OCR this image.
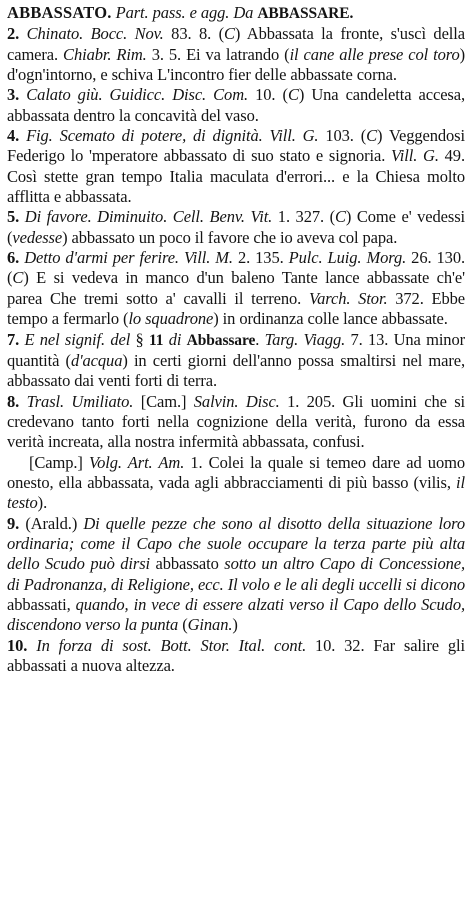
ABBASSATO. Part. pass. e agg. Da ABBASSARE.

2. Chinato. Bocc. Nov. 83. 8. (C) Abbassata la fronte, s'uscì della camera. Chiabr. Rim. 3. 5. Ei va latrando (il cane alle prese col toro) d'ogn'intorno, e schiva L'incontro fier delle abbassate corna.

3. Calato giù. Guidicc. Disc. Com. 10. (C) Una candeletta accesa, abbassata dentro la concavità del vaso.

4. Fig. Scemato di potere, di dignità. Vill. G. 103. (C) Veggendosi Federigo lo 'mperatore abbassato di suo stato e signoria. Vill. G. 49. Così stette gran tempo Italia maculata d'errori... e la Chiesa molto afflitta e abbassata.

5. Di favore. Diminuito. Cell. Benv. Vit. 1. 327. (C) Come e' vedessi (vedesse) abbassato un poco il favore che io aveva col papa.

6. Detto d'armi per ferire. Vill. M. 2. 135. Pulc. Luig. Morg. 26. 130. (C) E si vedeva in manco d'un baleno Tante lance abbassate ch'e' parea Che tremi sotto a' cavalli il terreno. Varch. Stor. 372. Ebbe tempo a fermarlo (lo squadrone) in ordinanza colle lance abbassate.

7. E nel signif. del § 11 di Abbassare. Targ. Viagg. 7. 13. Una minor quantità (d'acqua) in certi giorni dell'anno possa smaltirsi nel mare, abbassato dai venti forti di terra.

8. Trasl. Umiliato. [Cam.] Salvin. Disc. 1. 205. Gli uomini che si credevano tanto forti nella cognizione della verità, furono da essa verità increata, alla nostra infermità abbassata, confusi.

[Camp.] Volg. Art. Am. 1. Colei la quale si temeo dare ad uomo onesto, ella abbassata, vada agli abbracciamenti di più basso (vilis, il testo).

9. (Arald.) Di quelle pezze che sono al disotto della situazione loro ordinaria; come il Capo che suole occupare la terza parte più alta dello Scudo può dirsi abbassato sotto un altro Capo di Concessione, di Padronanza, di Religione, ecc. Il volo e le ali degli uccelli si dicono abbassati, quando, in vece di essere alzati verso il Capo dello Scudo, discendono verso la punta (Ginan.)

10. In forza di sost. Bott. Stor. Ital. cont. 10. 32. Far salire gli abbassati a nuova altezza.
